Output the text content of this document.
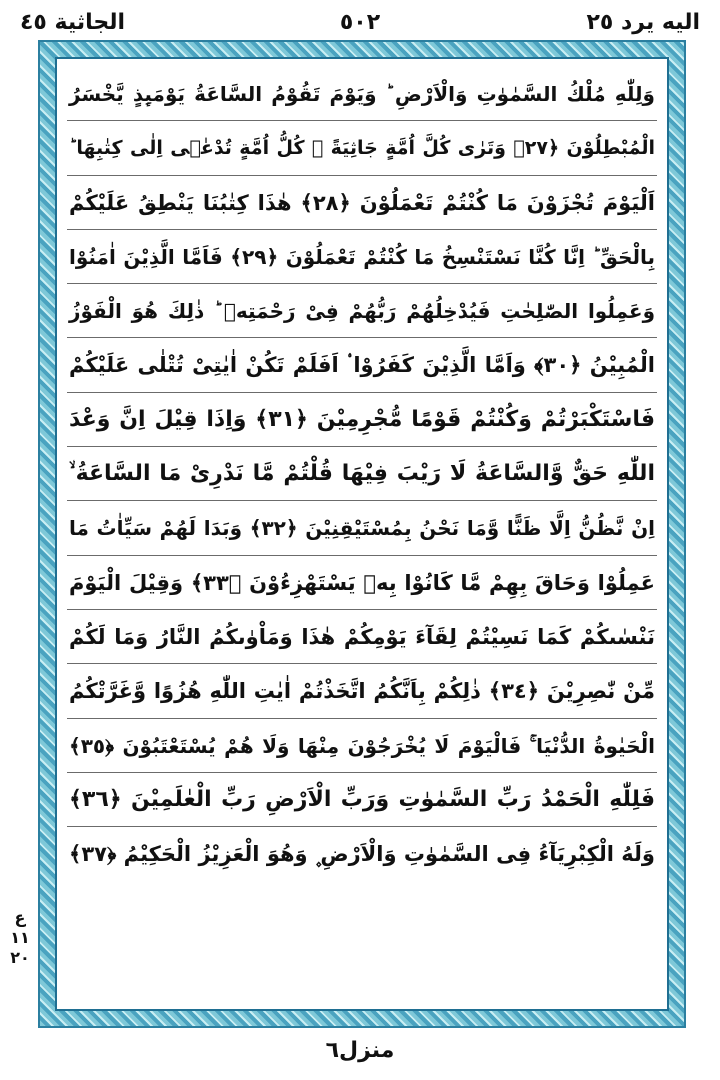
اليه يرد ٢٥
٥٠٢
الجاثية ٤٥
وَلِلّٰهِ مُلْكُ السَّمٰوٰتِ وَالْاَرْضِ ؕ وَيَوْمَ تَقُوْمُ السَّاعَةُ يَوْمَىِٕذٍ يَّخْسَرُ
الْمُبْطِلُوْنَ ﴿٢٧﴾ وَتَرٰى كُلَّ اُمَّةٍ جَاثِيَةً ۫ كُلُّ اُمَّةٍ تُدْعٰۤى اِلٰى كِتٰبِهَا ؕ
اَلْيَوْمَ تُجْزَوْنَ مَا كُنْتُمْ تَعْمَلُوْنَ ﴿٢٨﴾ هٰذَا كِتٰبُنَا يَنْطِقُ عَلَيْكُمْ
بِالْحَقِّ ؕ اِنَّا كُنَّا نَسْتَنْسِخُ مَا كُنْتُمْ تَعْمَلُوْنَ ﴿٢٩﴾ فَاَمَّا الَّذِيْنَ اٰمَنُوْا
وَعَمِلُوا الصّٰلِحٰتِ فَيُدْخِلُهُمْ رَبُّهُمْ فِىْ رَحْمَتِهٖ ؕ ذٰلِكَ هُوَ الْفَوْزُ
الْمُبِيْنُ ﴿٣٠﴾ وَاَمَّا الَّذِيْنَ كَفَرُوْا ۟ اَفَلَمْ تَكُنْ اٰيٰتِىْ تُتْلٰى عَلَيْكُمْ
فَاسْتَكْبَرْتُمْ وَكُنْتُمْ قَوْمًا مُّجْرِمِيْنَ ﴿٣١﴾ وَاِذَا قِيْلَ اِنَّ وَعْدَ
اللّٰهِ حَقٌّ وَّالسَّاعَةُ لَا رَيْبَ فِيْهَا قُلْتُمْ مَّا نَدْرِىْ مَا السَّاعَةُ ۙ
اِنْ نَّظُنُّ اِلَّا ظَنًّا وَّمَا نَحْنُ بِمُسْتَيْقِنِيْنَ ﴿٣٢﴾ وَبَدَا لَهُمْ سَيِّاٰتُ مَا
عَمِلُوْا وَحَاقَ بِهِمْ مَّا كَانُوْا بِهٖ يَسْتَهْزِءُوْنَ ﴿٣٣﴾ وَقِيْلَ الْيَوْمَ
نَنْسٰىكُمْ كَمَا نَسِيْتُمْ لِقَآءَ يَوْمِكُمْ هٰذَا وَمَاْوٰىكُمُ النَّارُ وَمَا لَكُمْ
مِّنْ نّٰصِرِيْنَ ﴿٣٤﴾ ذٰلِكُمْ بِاَنَّكُمُ اتَّخَذْتُمْ اٰيٰتِ اللّٰهِ هُزُوًا وَّغَرَّتْكُمُ
الْحَيٰوةُ الدُّنْيَا ۚ فَالْيَوْمَ لَا يُخْرَجُوْنَ مِنْهَا وَلَا هُمْ يُسْتَعْتَبُوْنَ ﴿٣٥﴾
فَلِلّٰهِ الْحَمْدُ رَبِّ السَّمٰوٰتِ وَرَبِّ الْاَرْضِ رَبِّ الْعٰلَمِيْنَ ﴿٣٦﴾
وَلَهُ الْكِبْرِيَآءُ فِى السَّمٰوٰتِ وَالْاَرْضِ ۪ وَهُوَ الْعَزِيْزُ الْحَكِيْمُ ﴿٣٧﴾
ع
١١
٢٠
منزل٦
